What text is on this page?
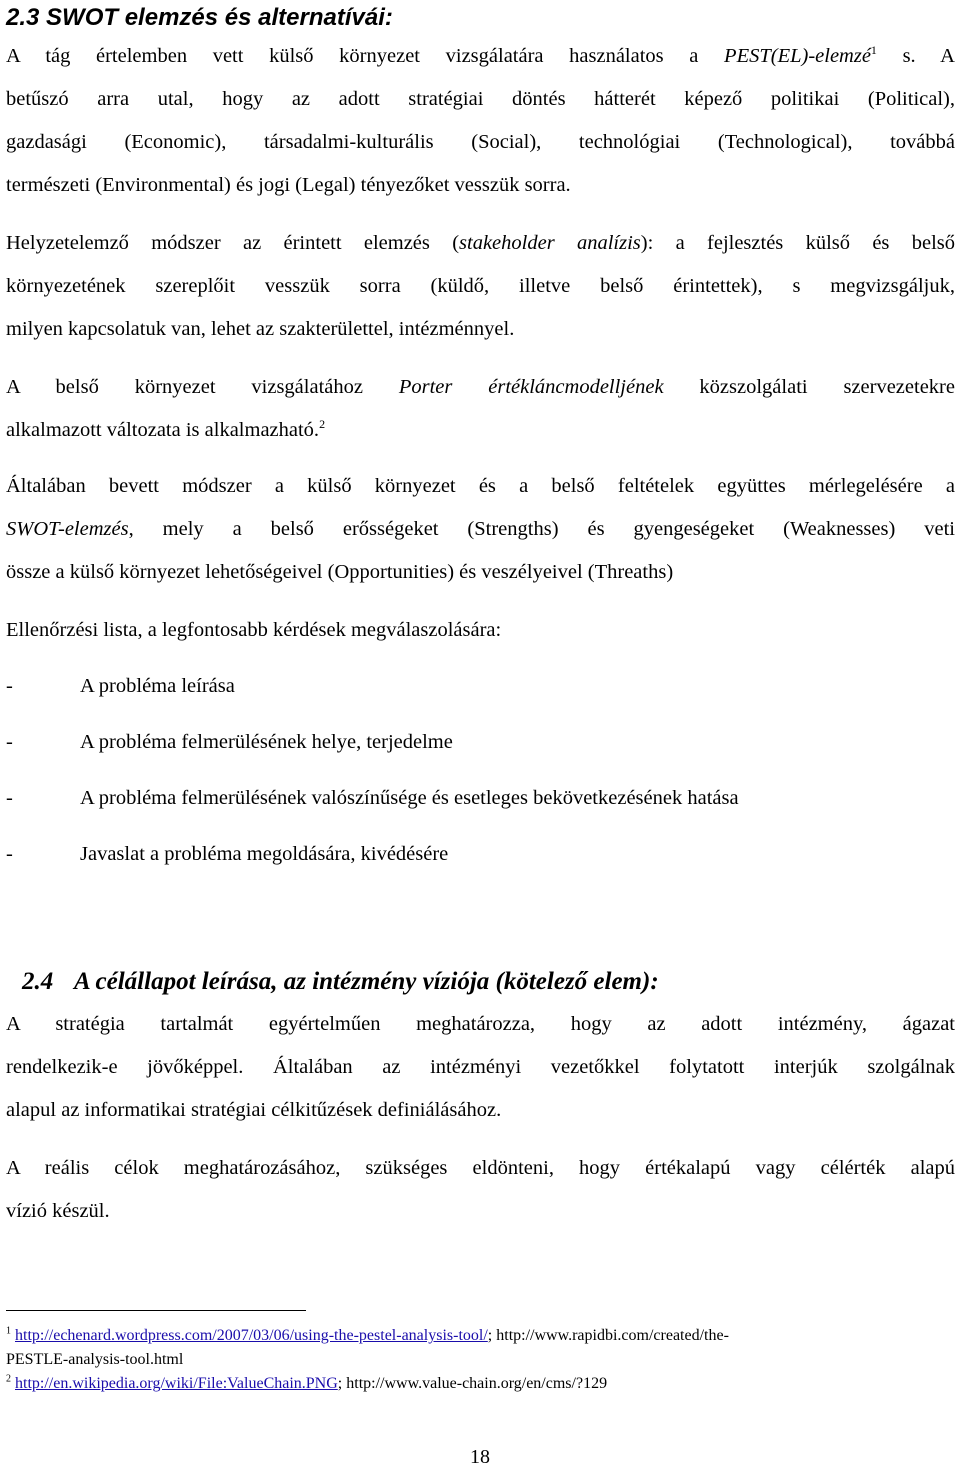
2.3 SWOT elemzés és alternatívái:
A tág értelemben vett külső környezet vizsgálatára használatos a PEST(EL)-elemzé$^1$ s. A
betűszó arra utal, hogy az adott stratégiai döntés hátterét képező politikai (Political),
gazdasági (Economic), társadalmi-kulturális (Social), technológiai (Technological), továbbá
természeti (Environmental) és jogi (Legal) tényezőket vesszük sorra.
Helyzetelemző módszer az érintett elemzés (stakeholder analízis): a fejlesztés külső és belső
környezetének szereplőit vesszük sorra (küldő, illetve belső érintettek), s megvizsgáljuk,
milyen kapcsolatuk van, lehet az szakterülettel, intézménnyel.
A belső környezet vizsgálatához Porter értékláncmodelljének közszolgálati szervezetekre
alkalmazott változata is alkalmazható.$^2$
Általában bevett módszer a külső környezet és a belső feltételek együttes mérlegelésére a
SWOT-elemzés, mely a belső erősségeket (Strengths) és gyengeségeket (Weaknesses) veti
össze a külső környezet lehetőségeivel (Opportunities) és veszélyeivel (Threaths)
Ellenőrzési lista, a legfontosabb kérdések megválaszolására:
-	A probléma leírása
-	A probléma felmerülésének helye, terjedelme
-	A probléma felmerülésének valószínűsége és esetleges bekövetkezésének hatása
-	Javaslat a probléma megoldására, kivédésére
2.4 A célállapot leírása, az intézmény víziója (kötelező elem):
A stratégia tartalmát egyértelműen meghatározza, hogy az adott intézmény, ágazat
rendelkezik-e jövőképpel. Általában az intézményi vezetőkkel folytatott interjúk szolgálnak
alapul az informatikai stratégiai célkitűzések definiálásához.
A reális célok meghatározásához, szükséges eldönteni, hogy értékalapú vagy célérték alapú
vízió készül.
$^1$ http://echenard.wordpress.com/2007/03/06/using-the-pestel-analysis-tool/; http://www.rapidbi.com/created/the-
PESTLE-analysis-tool.html
$^2$ http://en.wikipedia.org/wiki/File:ValueChain.PNG; http://www.value-chain.org/en/cms/?129
18
